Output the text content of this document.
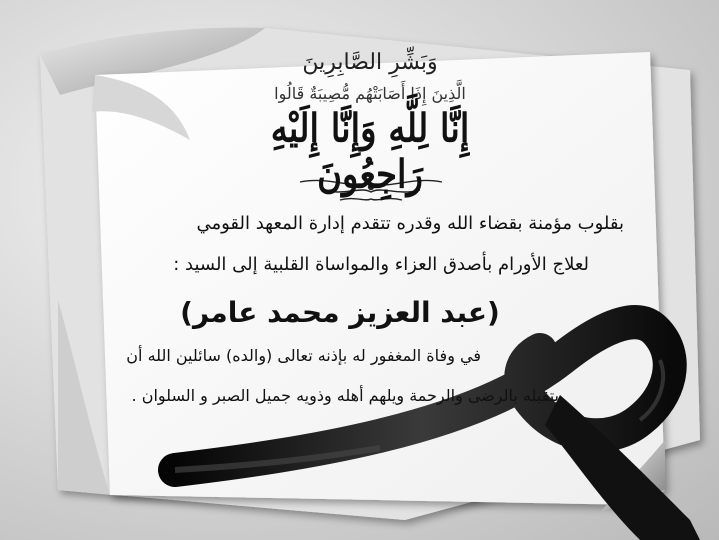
وَبَشِّرِ الصَّابِرِينَ
الَّذِينَ إِذَا أَصَابَتْهُم مُّصِيبَةٌ قَالُوا
إِنَّا لِلَّهِ وَإِنَّا إِلَيْهِ رَاجِعُونَ
بقلوب مؤمنة بقضاء الله وقدره تتقدم إدارة المعهد القومي
لعلاج الأورام بأصدق العزاء والمواساة القلبية إلى السيد :
(عبد العزيز محمد عامر)
في وفاة المغفور له بإذنه تعالى (والده) سائلين الله أن
يتقبله بالرضى والرحمة ويلهم أهله وذويه جميل الصبر و السلوان .
